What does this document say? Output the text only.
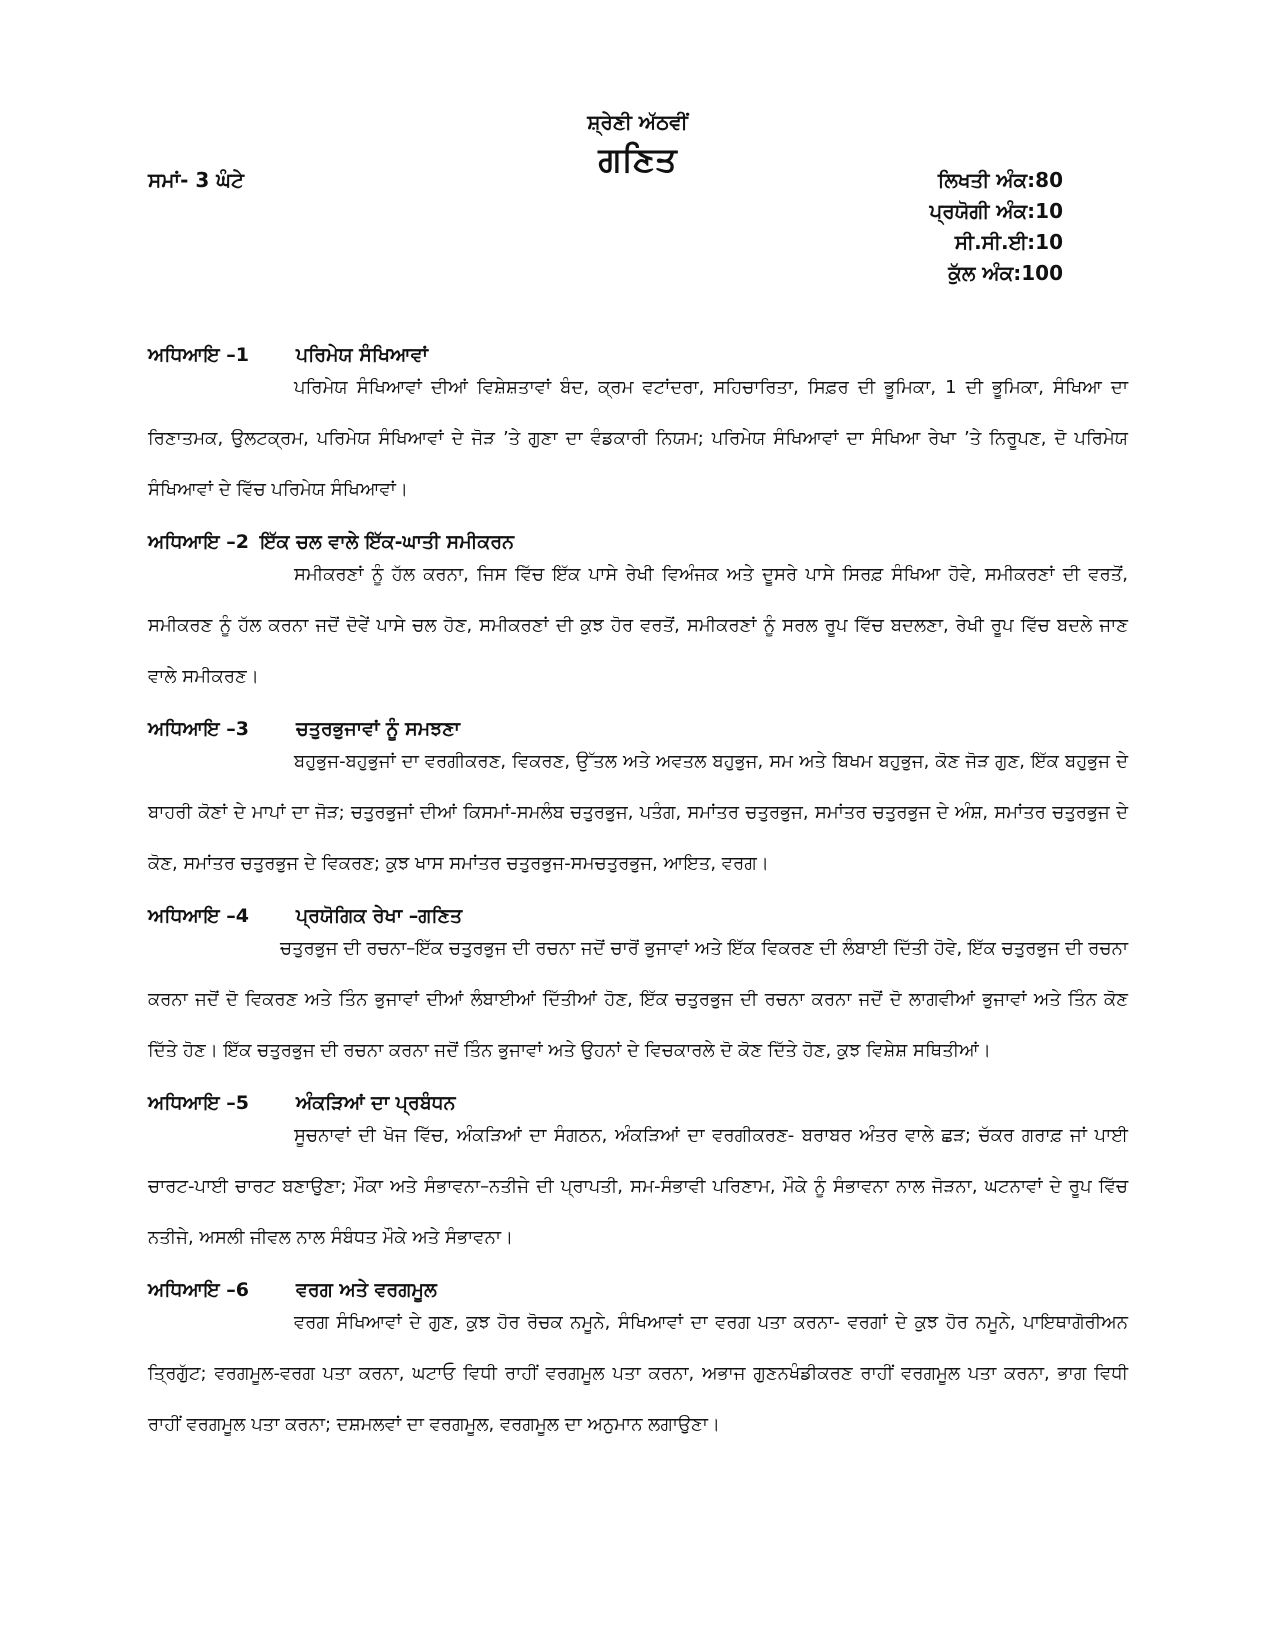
ਸ਼੍ਰੇਣੀ ਅੱਠਵੀਂ
ਗਣਿਤ
ਸਮਾਂ- 3 ਘੰਟੇ	ਲਿਖਤੀ ਅੰਕ:80
ਪ੍ਰਯੋਗੀ ਅੰਕ:10
ਸੀ.ਸੀ.ਈ:10
ਕੁੱਲ ਅੰਕ:100
ਅਧਿਆਇ –1 ਪਰਿਮੇਯ ਸੰਖਿਆਵਾਂ
ਪਰਿਮੇਯ ਸੰਖਿਆਵਾਂ ਦੀਆਂ ਵਿਸ਼ੇਸ਼ਤਾਵਾਂ ਬੰਦ, ਕ੍ਰਮ ਵਟਾਂਦਰਾ, ਸਹਿਚਾਰਿਤਾ, ਸਿਫ਼ਰ ਦੀ ਭੂਮਿਕਾ, 1 ਦੀ ਭੂਮਿਕਾ, ਸੰਖਿਆ ਦਾ ਰਿਣਾਤਮਕ, ਉਲਟਕ੍ਰਮ, ਪਰਿਮੇਯ ਸੰਖਿਆਵਾਂ ਦੇ ਜੋੜ ’ਤੇ ਗੁਣਾ ਦਾ ਵੰਡਕਾਰੀ ਨਿਯਮ; ਪਰਿਮੇਯ ਸੰਖਿਆਵਾਂ ਦਾ ਸੰਖਿਆ ਰੇਖਾ ’ਤੇ ਨਿਰੂਪਣ, ਦੋ ਪਰਿਮੇਯ ਸੰਖਿਆਵਾਂ ਦੇ ਵਿੱਚ ਪਰਿਮੇਯ ਸੰਖਿਆਵਾਂ।
ਅਧਿਆਇ –2 ਇੱਕ ਚਲ ਵਾਲੇ ਇੱਕ-ਘਾਤੀ ਸਮੀਕਰਨ
ਸਮੀਕਰਣਾਂ ਨੂੰ ਹੱਲ ਕਰਨਾ, ਜਿਸ ਵਿੱਚ ਇੱਕ ਪਾਸੇ ਰੇਖੀ ਵਿਅੰਜਕ ਅਤੇ ਦੂਸਰੇ ਪਾਸੇ ਸਿਰਫ਼ ਸੰਖਿਆ ਹੋਵੇ, ਸਮੀਕਰਣਾਂ ਦੀ ਵਰਤੋਂ, ਸਮੀਕਰਣ ਨੂੰ ਹੱਲ ਕਰਨਾ ਜਦੋਂ ਦੋਵੇਂ ਪਾਸੇ ਚਲ ਹੋਣ, ਸਮੀਕਰਣਾਂ ਦੀ ਕੁਝ ਹੋਰ ਵਰਤੋਂ, ਸਮੀਕਰਣਾਂ ਨੂੰ ਸਰਲ ਰੂਪ ਵਿੱਚ ਬਦਲਣਾ, ਰੇਖੀ ਰੂਪ ਵਿੱਚ ਬਦਲੇ ਜਾਣ ਵਾਲੇ ਸਮੀਕਰਣ।
ਅਧਿਆਇ –3 ਚਤੁਰਭੁਜਾਵਾਂ ਨੂੰ ਸਮਝਣਾ
ਬਹੁਭੁਜ-ਬਹੁਭੁਜਾਂ ਦਾ ਵਰਗੀਕਰਣ, ਵਿਕਰਣ, ਉੱਤਲ ਅਤੇ ਅਵਤਲ ਬਹੁਭੁਜ, ਸਮ ਅਤੇ ਬਿਖਮ ਬਹੁਭੁਜ, ਕੋਣ ਜੋੜ ਗੁਣ, ਇੱਕ ਬਹੁਭੁਜ ਦੇ ਬਾਹਰੀ ਕੋਣਾਂ ਦੇ ਮਾਪਾਂ ਦਾ ਜੋੜ; ਚਤੁਰਭੁਜਾਂ ਦੀਆਂ ਕਿਸਮਾਂ-ਸਮਲੰਬ ਚਤੁਰਭੁਜ, ਪਤੰਗ, ਸਮਾਂਤਰ ਚਤੁਰਭੁਜ, ਸਮਾਂਤਰ ਚਤੁਰਭੁਜ ਦੇ ਅੰਸ਼, ਸਮਾਂਤਰ ਚਤੁਰਭੁਜ ਦੇ ਕੋਣ, ਸਮਾਂਤਰ ਚਤੁਰਭੁਜ ਦੇ ਵਿਕਰਣ; ਕੁਝ ਖਾਸ ਸਮਾਂਤਰ ਚਤੁਰਭੁਜ-ਸਮਚਤੁਰਭੁਜ, ਆਇਤ, ਵਰਗ।
ਅਧਿਆਇ –4 ਪ੍ਰਯੋਗਿਕ ਰੇਖਾ –ਗਣਿਤ
ਚਤੁਰਭੁਜ ਦੀ ਰਚਨਾ–ਇੱਕ ਚਤੁਰਭੁਜ ਦੀ ਰਚਨਾ ਜਦੋਂ ਚਾਰੋਂ ਭੁਜਾਵਾਂ ਅਤੇ ਇੱਕ ਵਿਕਰਣ ਦੀ ਲੰਬਾਈ ਦਿੱਤੀ ਹੋਵੇ, ਇੱਕ ਚਤੁਰਭੁਜ ਦੀ ਰਚਨਾ ਕਰਨਾ ਜਦੋਂ ਦੋ ਵਿਕਰਣ ਅਤੇ ਤਿੰਨ ਭੁਜਾਵਾਂ ਦੀਆਂ ਲੰਬਾਈਆਂ ਦਿੱਤੀਆਂ ਹੋਣ, ਇੱਕ ਚਤੁਰਭੁਜ ਦੀ ਰਚਨਾ ਕਰਨਾ ਜਦੋਂ ਦੋ ਲਾਗਵੀਆਂ ਭੁਜਾਵਾਂ ਅਤੇ ਤਿੰਨ ਕੋਣ ਦਿੱਤੇ ਹੋਣ। ਇੱਕ ਚਤੁਰਭੁਜ ਦੀ ਰਚਨਾ ਕਰਨਾ ਜਦੋਂ ਤਿੰਨ ਭੁਜਾਵਾਂ ਅਤੇ ਉਹਨਾਂ ਦੇ ਵਿਚਕਾਰਲੇ ਦੋ ਕੋਣ ਦਿੱਤੇ ਹੋਣ, ਕੁਝ ਵਿਸ਼ੇਸ਼ ਸਥਿਤੀਆਂ।
ਅਧਿਆਇ –5 ਅੰਕੜਿਆਂ ਦਾ ਪ੍ਰਬੰਧਨ
ਸੂਚਨਾਵਾਂ ਦੀ ਖੋਜ ਵਿੱਚ, ਅੰਕੜਿਆਂ ਦਾ ਸੰਗਠਨ, ਅੰਕੜਿਆਂ ਦਾ ਵਰਗੀਕਰਣ- ਬਰਾਬਰ ਅੰਤਰ ਵਾਲੇ ਛੜ; ਚੱਕਰ ਗਰਾਫ਼ ਜਾਂ ਪਾਈ ਚਾਰਟ-ਪਾਈ ਚਾਰਟ ਬਣਾਉਣਾ; ਮੌਕਾ ਅਤੇ ਸੰਭਾਵਨਾ–ਨਤੀਜੇ ਦੀ ਪ੍ਰਾਪਤੀ, ਸਮ-ਸੰਭਾਵੀ ਪਰਿਣਾਮ, ਮੌਕੇ ਨੂੰ ਸੰਭਾਵਨਾ ਨਾਲ ਜੋੜਨਾ, ਘਟਨਾਵਾਂ ਦੇ ਰੂਪ ਵਿੱਚ ਨਤੀਜੇ, ਅਸਲੀ ਜੀਵਲ ਨਾਲ ਸੰਬੰਧਤ ਮੌਕੇ ਅਤੇ ਸੰਭਾਵਨਾ।
ਅਧਿਆਇ –6 ਵਰਗ ਅਤੇ ਵਰਗਮੂਲ
ਵਰਗ ਸੰਖਿਆਵਾਂ ਦੇ ਗੁਣ, ਕੁਝ ਹੋਰ ਰੋਚਕ ਨਮੂਨੇ, ਸੰਖਿਆਵਾਂ ਦਾ ਵਰਗ ਪਤਾ ਕਰਨਾ- ਵਰਗਾਂ ਦੇ ਕੁਝ ਹੋਰ ਨਮੂਨੇ, ਪਾਇਥਾਗੋਰੀਅਨ ਤ੍ਰਿਗੁੱਟ; ਵਰਗਮੂਲ-ਵਰਗ ਪਤਾ ਕਰਨਾ, ਘਟਾਓ ਵਿਧੀ ਰਾਹੀਂ ਵਰਗਮੂਲ ਪਤਾ ਕਰਨਾ, ਅਭਾਜ ਗੁਣਨਖੰਡੀਕਰਣ ਰਾਹੀਂ ਵਰਗਮੂਲ ਪਤਾ ਕਰਨਾ, ਭਾਗ ਵਿਧੀ ਰਾਹੀਂ ਵਰਗਮੂਲ ਪਤਾ ਕਰਨਾ; ਦਸ਼ਮਲਵਾਂ ਦਾ ਵਰਗਮੂਲ, ਵਰਗਮੂਲ ਦਾ ਅਨੁਮਾਨ ਲਗਾਉਣਾ।
